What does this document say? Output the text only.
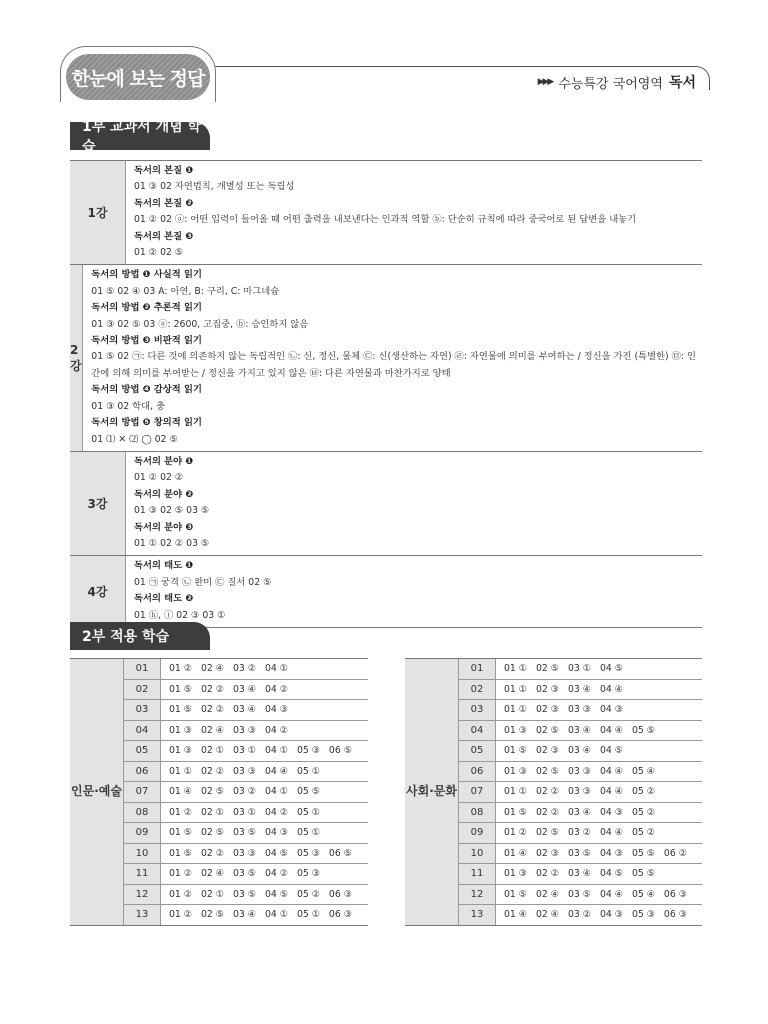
한눈에 보는 정답	▶▶▶ 수능특강 국어영역 독서
1부 교과서 개념 학습
1강
독서의 본질 ❶
01 ③ 02 자연법칙, 개별성 또는 독립성
독서의 본질 ❷
01 ② 02 ⓐ: 어떤 입력이 들어올 때 어떤 출력을 내보낸다는 인과적 역할 ⓑ: 단순히 규칙에 따라 중국어로 된 답변을 내놓기
독서의 본질 ❸
01 ② 02 ⑤
2강
독서의 방법 ❶ 사실적 읽기
01 ⑤ 02 ④ 03 A: 아연, B: 구리, C: 마그네슘
독서의 방법 ❷ 추론적 읽기
01 ③ 02 ⑤ 03 ⓐ: 2600, 고집중, ⓑ: 승인하지 않음
독서의 방법 ❸ 비판적 읽기
01 ⑤ 02 ㉠: 다른 것에 의존하지 않는 독립적인 ㉡: 신, 정신, 물체 ㉢: 신(생산하는 자연) ㉣: 자연물에 의미를 부여하는 / 정신을 가진 (특별한) ㉤: 인
간에 의해 의미를 부여받는 / 정신을 가지고 있지 않은 ㉥: 다른 자연물과 마찬가지로 양태
독서의 방법 ❹ 감상적 읽기
01 ③ 02 학대, 충
독서의 방법 ❺ 창의적 읽기
01 ⑴ ✕ ⑵ ◯ 02 ⑤
3강
독서의 분야 ❶
01 ② 02 ②
독서의 분야 ❷
01 ③ 02 ⑤ 03 ⑤
독서의 분야 ❸
01 ① 02 ② 03 ⑤
4강
독서의 태도 ❶
01 ㉠ 궁격 ㉡ 완미 ㉢ 질서 02 ⑤
독서의 태도 ❷
01 ⓗ, ⓘ 02 ③ 03 ①
2부 적용 학습
인문 · 예술
01	01 ②   02 ④   03 ②   04 ①
02	01 ⑤   02 ②   03 ④   04 ②
03	01 ⑤   02 ②   03 ④   04 ③
04	01 ③   02 ④   03 ③   04 ②
05	01 ③   02 ①   03 ①   04 ①   05 ③   06 ⑤
06	01 ①   02 ②   03 ③   04 ④   05 ①
07	01 ④   02 ⑤   03 ②   04 ①   05 ⑤
08	01 ②   02 ①   03 ①   04 ②   05 ①
09	01 ⑤   02 ⑤   03 ⑤   04 ③   05 ①
10	01 ⑤   02 ②   03 ③   04 ⑤   05 ③   06 ⑤
11	01 ②   02 ④   03 ⑤   04 ②   05 ③
12	01 ②   02 ①   03 ⑤   04 ⑤   05 ②   06 ③
13	01 ②   02 ⑤   03 ④   04 ①   05 ①   06 ③
사회 · 문화
01	01 ①   02 ⑤   03 ①   04 ⑤
02	01 ①   02 ③   03 ④   04 ④
03	01 ①   02 ③   03 ③   04 ③
04	01 ③   02 ⑤   03 ④   04 ④   05 ⑤
05	01 ⑤   02 ③   03 ④   04 ⑤
06	01 ③   02 ⑤   03 ③   04 ④   05 ④
07	01 ①   02 ②   03 ③   04 ④   05 ②
08	01 ⑤   02 ②   03 ④   04 ③   05 ②
09	01 ②   02 ⑤   03 ②   04 ④   05 ②
10	01 ④   02 ③   03 ⑤   04 ③   05 ⑤   06 ②
11	01 ③   02 ②   03 ④   04 ⑤   05 ⑤
12	01 ⑤   02 ④   03 ⑤   04 ④   05 ④   06 ③
13	01 ④   02 ④   03 ②   04 ③   05 ③   06 ③
